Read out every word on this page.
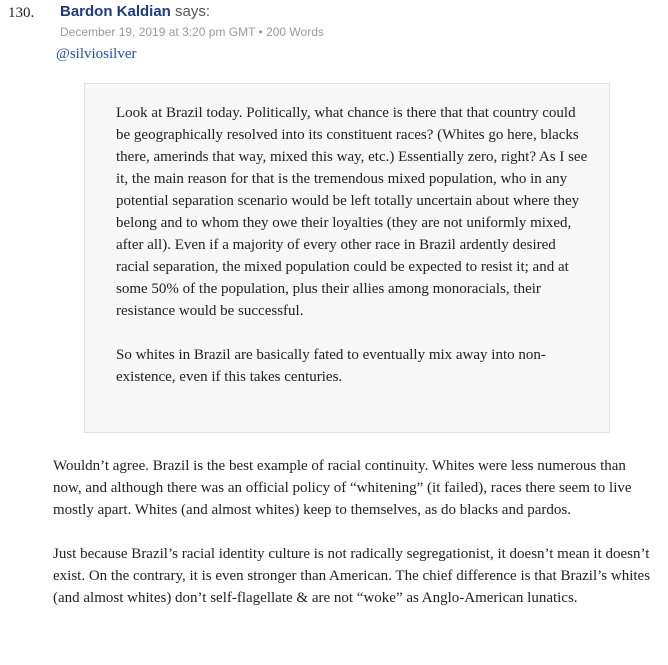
130. Bardon Kaldian says:
December 19, 2019 at 3:20 pm GMT • 200 Words
@silviosilver

Look at Brazil today. Politically, what chance is there that that country could be geographically resolved into its constituent races? (Whites go here, blacks there, amerinds that way, mixed this way, etc.) Essentially zero, right? As I see it, the main reason for that is the tremendous mixed population, who in any potential separation scenario would be left totally uncertain about where they belong and to whom they owe their loyalties (they are not uniformly mixed, after all). Even if a majority of every other race in Brazil ardently desired racial separation, the mixed population could be expected to resist it; and at some 50% of the population, plus their allies among monoracials, their resistance would be successful.

So whites in Brazil are basically fated to eventually mix away into non-existence, even if this takes centuries.

Wouldn’t agree. Brazil is the best example of racial continuity. Whites were less numerous than now, and although there was an official policy of “whitening” (it failed), races there seem to live mostly apart. Whites (and almost whites) keep to themselves, as do blacks and pardos.

Just because Brazil’s racial identity culture is not radically segregationist, it doesn’t mean it doesn’t exist. On the contrary, it is even stronger than American. The chief difference is that Brazil’s whites (and almost whites) don’t self-flagellate & are not “woke” as Anglo-American lunatics.
